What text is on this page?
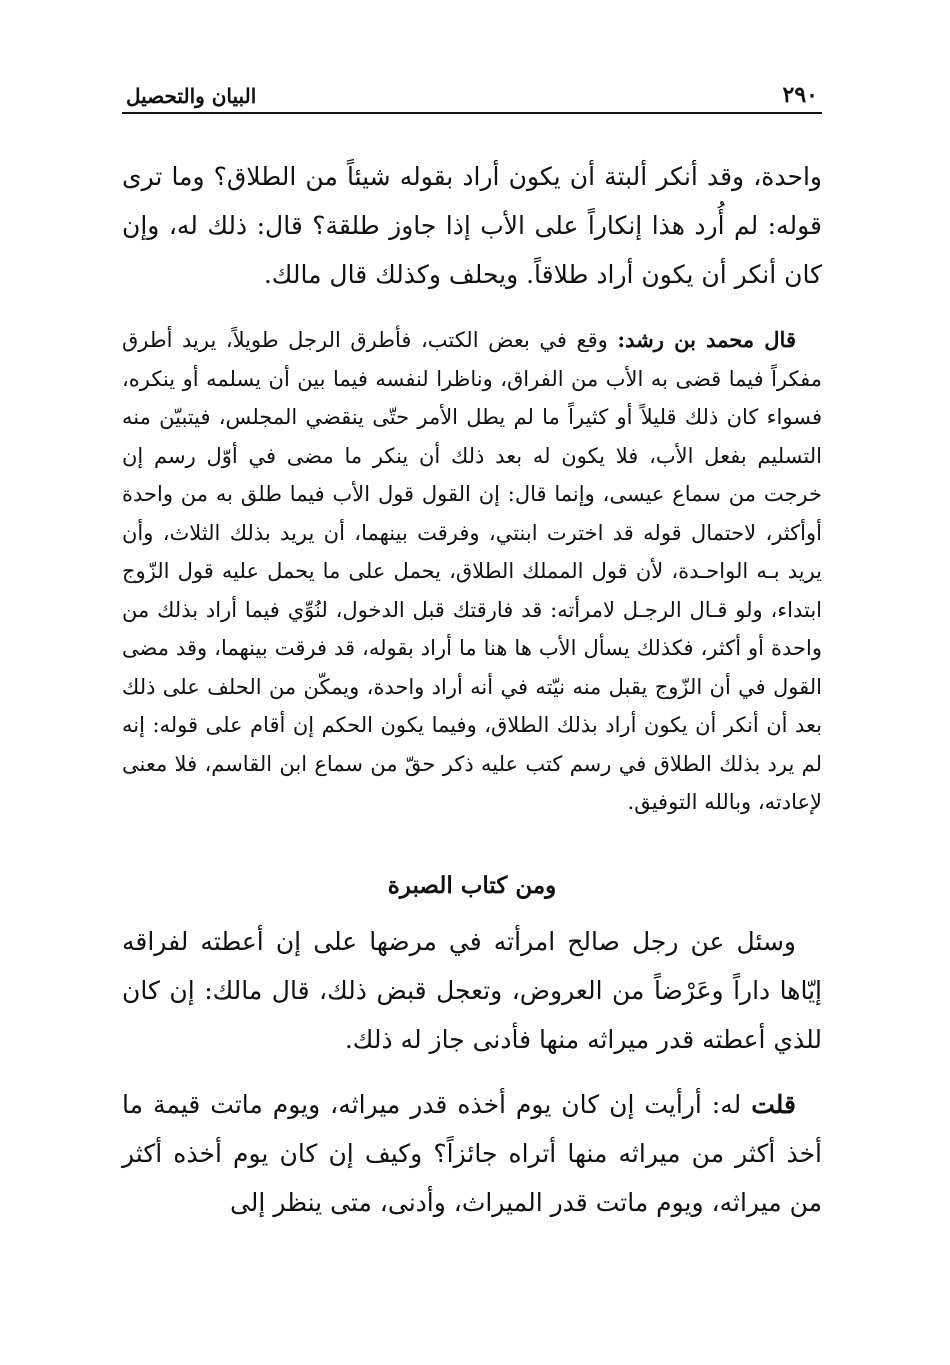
٢٩٠
البيان والتحصيل

واحدة، وقد أنكر ألبتة أن يكون أراد بقوله شيئاً من الطلاق؟ وما ترى قوله: لم أُرد هذا إنكاراً على الأب إذا جاوز طلقة؟ قال: ذلك له، وإن كان أنكر أن يكون أراد طلاقاً. ويحلف وكذلك قال مالك.

قال محمد بن رشد: وقع في بعض الكتب، فأطرق الرجل طويلاً، يريد أطرق مفكراً فيما قضى به الأب من الفراق، وناظرا لنفسه فيما بين أن يسلمه أو ينكره، فسواء كان ذلك قليلاً أو كثيراً ما لم يطل الأمر حتّى ينقضي المجلس، فيتبيّن منه التسليم بفعل الأب، فلا يكون له بعد ذلك أن ينكر ما مضى في أوّل رسم إن خرجت من سماع عيسى، وإنما قال: إن القول قول الأب فيما طلق به من واحدة أوأكثر، لاحتمال قوله قد اخترت ابنتي، وفرقت بينهما، أن يريد بذلك الثلاث، وأن يريد بـه الواحـدة، لأن قول المملك الطلاق، يحمل على ما يحمل عليه قول الزّوج ابتداء، ولو قـال الرجـل لامرأته: قد فارقتك قبل الدخول، لنُوِّي فيما أراد بذلك من واحدة أو أكثر، فكذلك يسأل الأب ها هنا ما أراد بقوله، قد فرقت بينهما، وقد مضى القول في أن الزّوج يقبل منه نيّته في أنه أراد واحدة، ويمكّن من الحلف على ذلك بعد أن أنكر أن يكون أراد بذلك الطلاق، وفيما يكون الحكم إن أقام على قوله: إنه لم يرد بذلك الطلاق في رسم كتب عليه ذكر حقّ من سماع ابن القاسم، فلا معنى لإعادته، وبالله التوفيق.

ومن كتاب الصبرة

وسئل عن رجل صالح امرأته في مرضها على إن أعطته لفراقه إيّاها داراً وعَرْضاً من العروض، وتعجل قبض ذلك، قال مالك: إن كان للذي أعطته قدر ميراثه منها فأدنى جاز له ذلك.

قلت له: أرأيت إن كان يوم أخذه قدر ميراثه، ويوم ماتت قيمة ما أخذ أكثر من ميراثه منها أتراه جائزاً؟ وكيف إن كان يوم أخذه أكثر من ميراثه، ويوم ماتت قدر الميراث، وأدنى، متى ينظر إلى
